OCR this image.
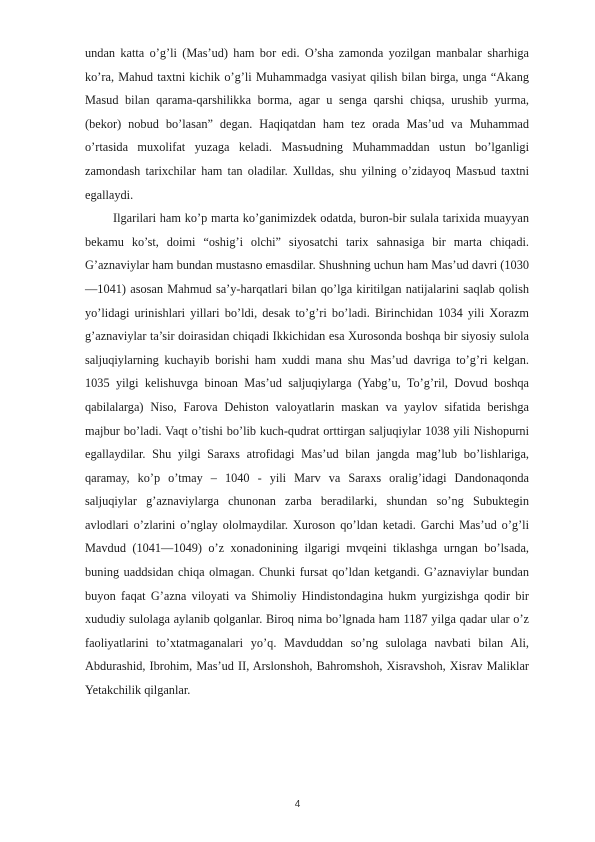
undan katta o’g’li (Mas’ud) ham bor edi. O’sha zamonda yozilgan manbalar sharhiga ko’ra, Mahud taxtni kichik o’g’li Muhammadga vasiyat qilish bilan birga, unga “Akang Masud bilan qarama-qarshilikka borma, agar u senga qarshi chiqsa, urushib yurma, (bekor) nobud bo’lasan” degan. Haqiqatdan ham tez orada Mas’ud va Muhammad o’rtasida muxolifat yuzaga keladi. Masъudning Muhammaddan ustun bo’lganligi zamondash tarixchilar ham tan oladilar. Xulldas, shu yilning o’zidayoq Masъud taxtni egallaydi.

Ilgarilari ham ko’p marta ko’ganimizdek odatda, buron-bir sulala tarixida muayyan bekamu ko’st, doimi “oshig’i olchi” siyosatchi tarix sahnasiga bir marta chiqadi. G’aznaviylar ham bundan mustasno emasdilar. Shushning uchun ham Mas’ud davri (1030—1041) asosan Mahmud sa’y-harqatlari bilan qo’lga kiritilgan natijalarini saqlab qolish yo’lidagi urinishlari yillari bo’ldi, desak to’g’ri bo’ladi. Birinchidan 1034 yili Xorazm g’aznaviylar ta’sir doirasidan chiqadi Ikkichidan esa Xurosonda boshqa bir siyosiy sulola saljuqiylarning kuchayib borishi ham xuddi mana shu Mas’ud davriga to’g’ri kelgan. 1035 yilgi kelishuvga binoan Mas’ud saljuqiylarga (Yabg’u, To’g’ril, Dovud boshqa qabilalarga) Niso, Farova Dehiston valoyatlarin maskan va yaylov sifatida berishga majbur bo’ladi. Vaqt o’tishi bo’lib kuch-qudrat orttirgan saljuqiylar 1038 yili Nishopurni egallaydilar. Shu yilgi Saraxs atrofidagi Mas’ud bilan jangda mag’lub bo’lishlariga, qaramay, ko’p o’tmay – 1040 - yili Marv va Saraxs oralig’idagi Dandonaqonda saljuqiylar g’aznaviylarga chunonan zarba beradilarki, shundan so’ng Subuktegin avlodlari o’zlarini o’nglay ololmaydilar. Xuroson qo’ldan ketadi. Garchi Mas’ud o’g’li Mavdud (1041—1049) o’z xonadonining ilgarigi mvqeini tiklashga urngan bo’lsada, buning uaddsidan chiqa olmagan. Chunki fursat qo’ldan ketgandi. G’aznaviylar bundan buyon faqat G’azna viloyati va Shimoliy Hindistondagina hukm yurgizishga qodir bir xududiy sulolaga aylanib qolganlar. Biroq nima bo’lgnada ham 1187 yilga qadar ular o’z faoliyatlarini to’xtatmaganalari yo’q. Mavduddan so’ng sulolaga navbati bilan Ali, Abdurashid, Ibrohim, Mas’ud II, Arslonshoh, Bahromshoh, Xisravshoh, Xisrav Maliklar Yetakchilik qilganlar.

4
